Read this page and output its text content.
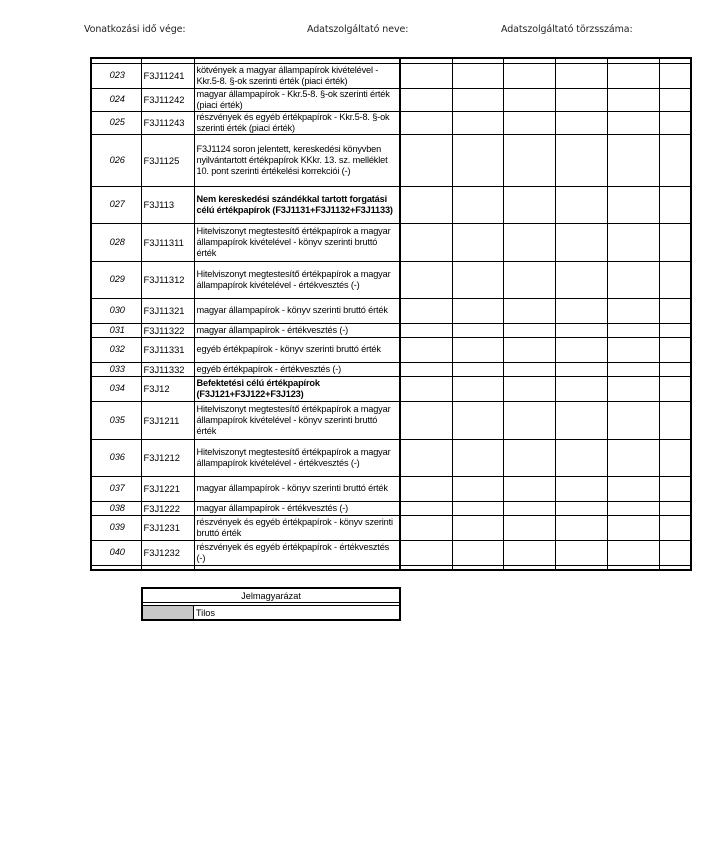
Vonatkozási idő vége:	Adatszolgáltató neve:	Adatszolgáltató törzsszáma:

023	F3J11241	kötvények a magyar állampapírok kivételével - Kkr.5-8. §-ok szerinti érték (piaci érték)						
024	F3J11242	magyar állampapírok - Kkr.5-8. §-ok szerinti érték (piaci érték)						
025	F3J11243	részvények és egyéb értékpapírok - Kkr.5-8. §-ok szerinti érték (piaci érték)						
026	F3J1125	F3J1124 soron jelentett, kereskedési könyvben nyilvántartott értékpapírok KKkr. 13. sz. melléklet 10. pont szerinti értékelési korrekciói (-)						
027	F3J113	Nem kereskedési szándékkal tartott forgatási célú értékpapírok (F3J1131+F3J1132+F3J1133)						
028	F3J11311	Hitelviszonyt megtestesítő értékpapírok a magyar állampapírok kivételével - könyv szerinti bruttó érték						
029	F3J11312	Hitelviszonyt megtestesítő értékpapírok a magyar állampapírok kivételével - értékvesztés (-)						
030	F3J11321	magyar állampapírok - könyv szerinti bruttó érték						
031	F3J11322	magyar állampapírok - értékvesztés (-)						
032	F3J11331	egyéb értékpapírok - könyv szerinti bruttó érték						
033	F3J11332	egyéb értékpapírok - értékvesztés (-)						
034	F3J12	Befektetési célú értékpapírok (F3J121+F3J122+F3J123)						
035	F3J1211	Hitelviszonyt megtestesítő értékpapírok a magyar állampapírok kivételével - könyv szerinti bruttó érték						
036	F3J1212	Hitelviszonyt megtestesítő értékpapírok a magyar állampapírok kivételével - értékvesztés (-)						
037	F3J1221	magyar állampapírok - könyv szerinti bruttó érték						
038	F3J1222	magyar állampapírok - értékvesztés (-)						
039	F3J1231	részvények és egyéb értékpapírok - könyv szerinti bruttó érték						
040	F3J1232	részvények és egyéb értékpapírok - értékvesztés (-)						

Jelmagyarázat

	Tilos
